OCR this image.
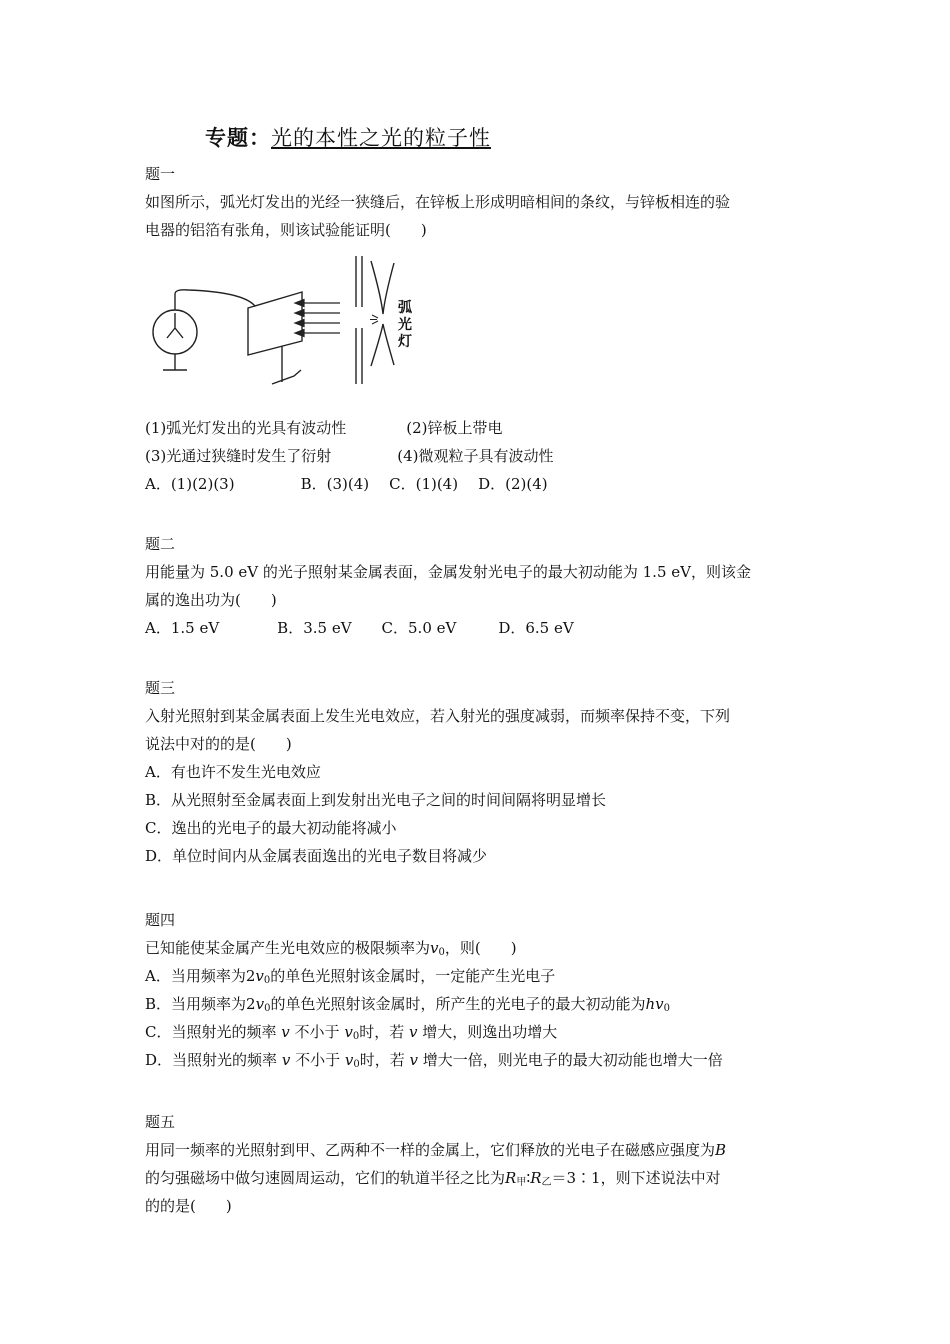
专题：光的本性之光的粒子性
题一
如图所示，弧光灯发出的光经一狭缝后，在锌板上形成明暗相间的条纹，与锌板相连的验
电器的铝箔有张角，则该试验能证明(　　)
弧光灯
(1)弧光灯发出的光具有波动性	(2)锌板上带电
(3)光通过狭缝时发生了衍射	(4)微观粒子具有波动性
A．(1)(2)(3)	B．(3)(4) C．(1)(4) D．(2)(4)
题二
用能量为 5.0 eV 的光子照射某金属表面，金属发射光电子的最大初动能为 1.5 eV，则该金
属的逸出功为(　　)
A．1.5 eV	B．3.5 eV C．5.0 eV	D．6.5 eV
题三
入射光照射到某金属表面上发生光电效应，若入射光的强度减弱，而频率保持不变，下列
说法中对的的是(　　)
A．有也许不发生光电效应
B．从光照射至金属表面上到发射出光电子之间的时间间隔将明显增长
C．逸出的光电子的最大初动能将减小
D．单位时间内从金属表面逸出的光电子数目将减少
题四
已知能使某金属产生光电效应的极限频率为$v_0$，则(　　)
A．当用频率为$2v_0$的单色光照射该金属时，一定能产生光电子
B．当用频率为$2v_0$的单色光照射该金属时，所产生的光电子的最大初动能为$hv_0$
C．当照射光的频率 v 不小于 $v_0$时，若 v 增大，则逸出功增大
D．当照射光的频率 v 不小于 $v_0$时，若 v 增大一倍，则光电子的最大初动能也增大一倍
题五
用同一频率的光照射到甲、乙两种不一样的金属上，它们释放的光电子在磁感应强度为B
的匀强磁场中做匀速圆周运动，它们的轨道半径之比为$R_甲∶R_乙=3∶1$，则下述说法中对
的的是(　　)
